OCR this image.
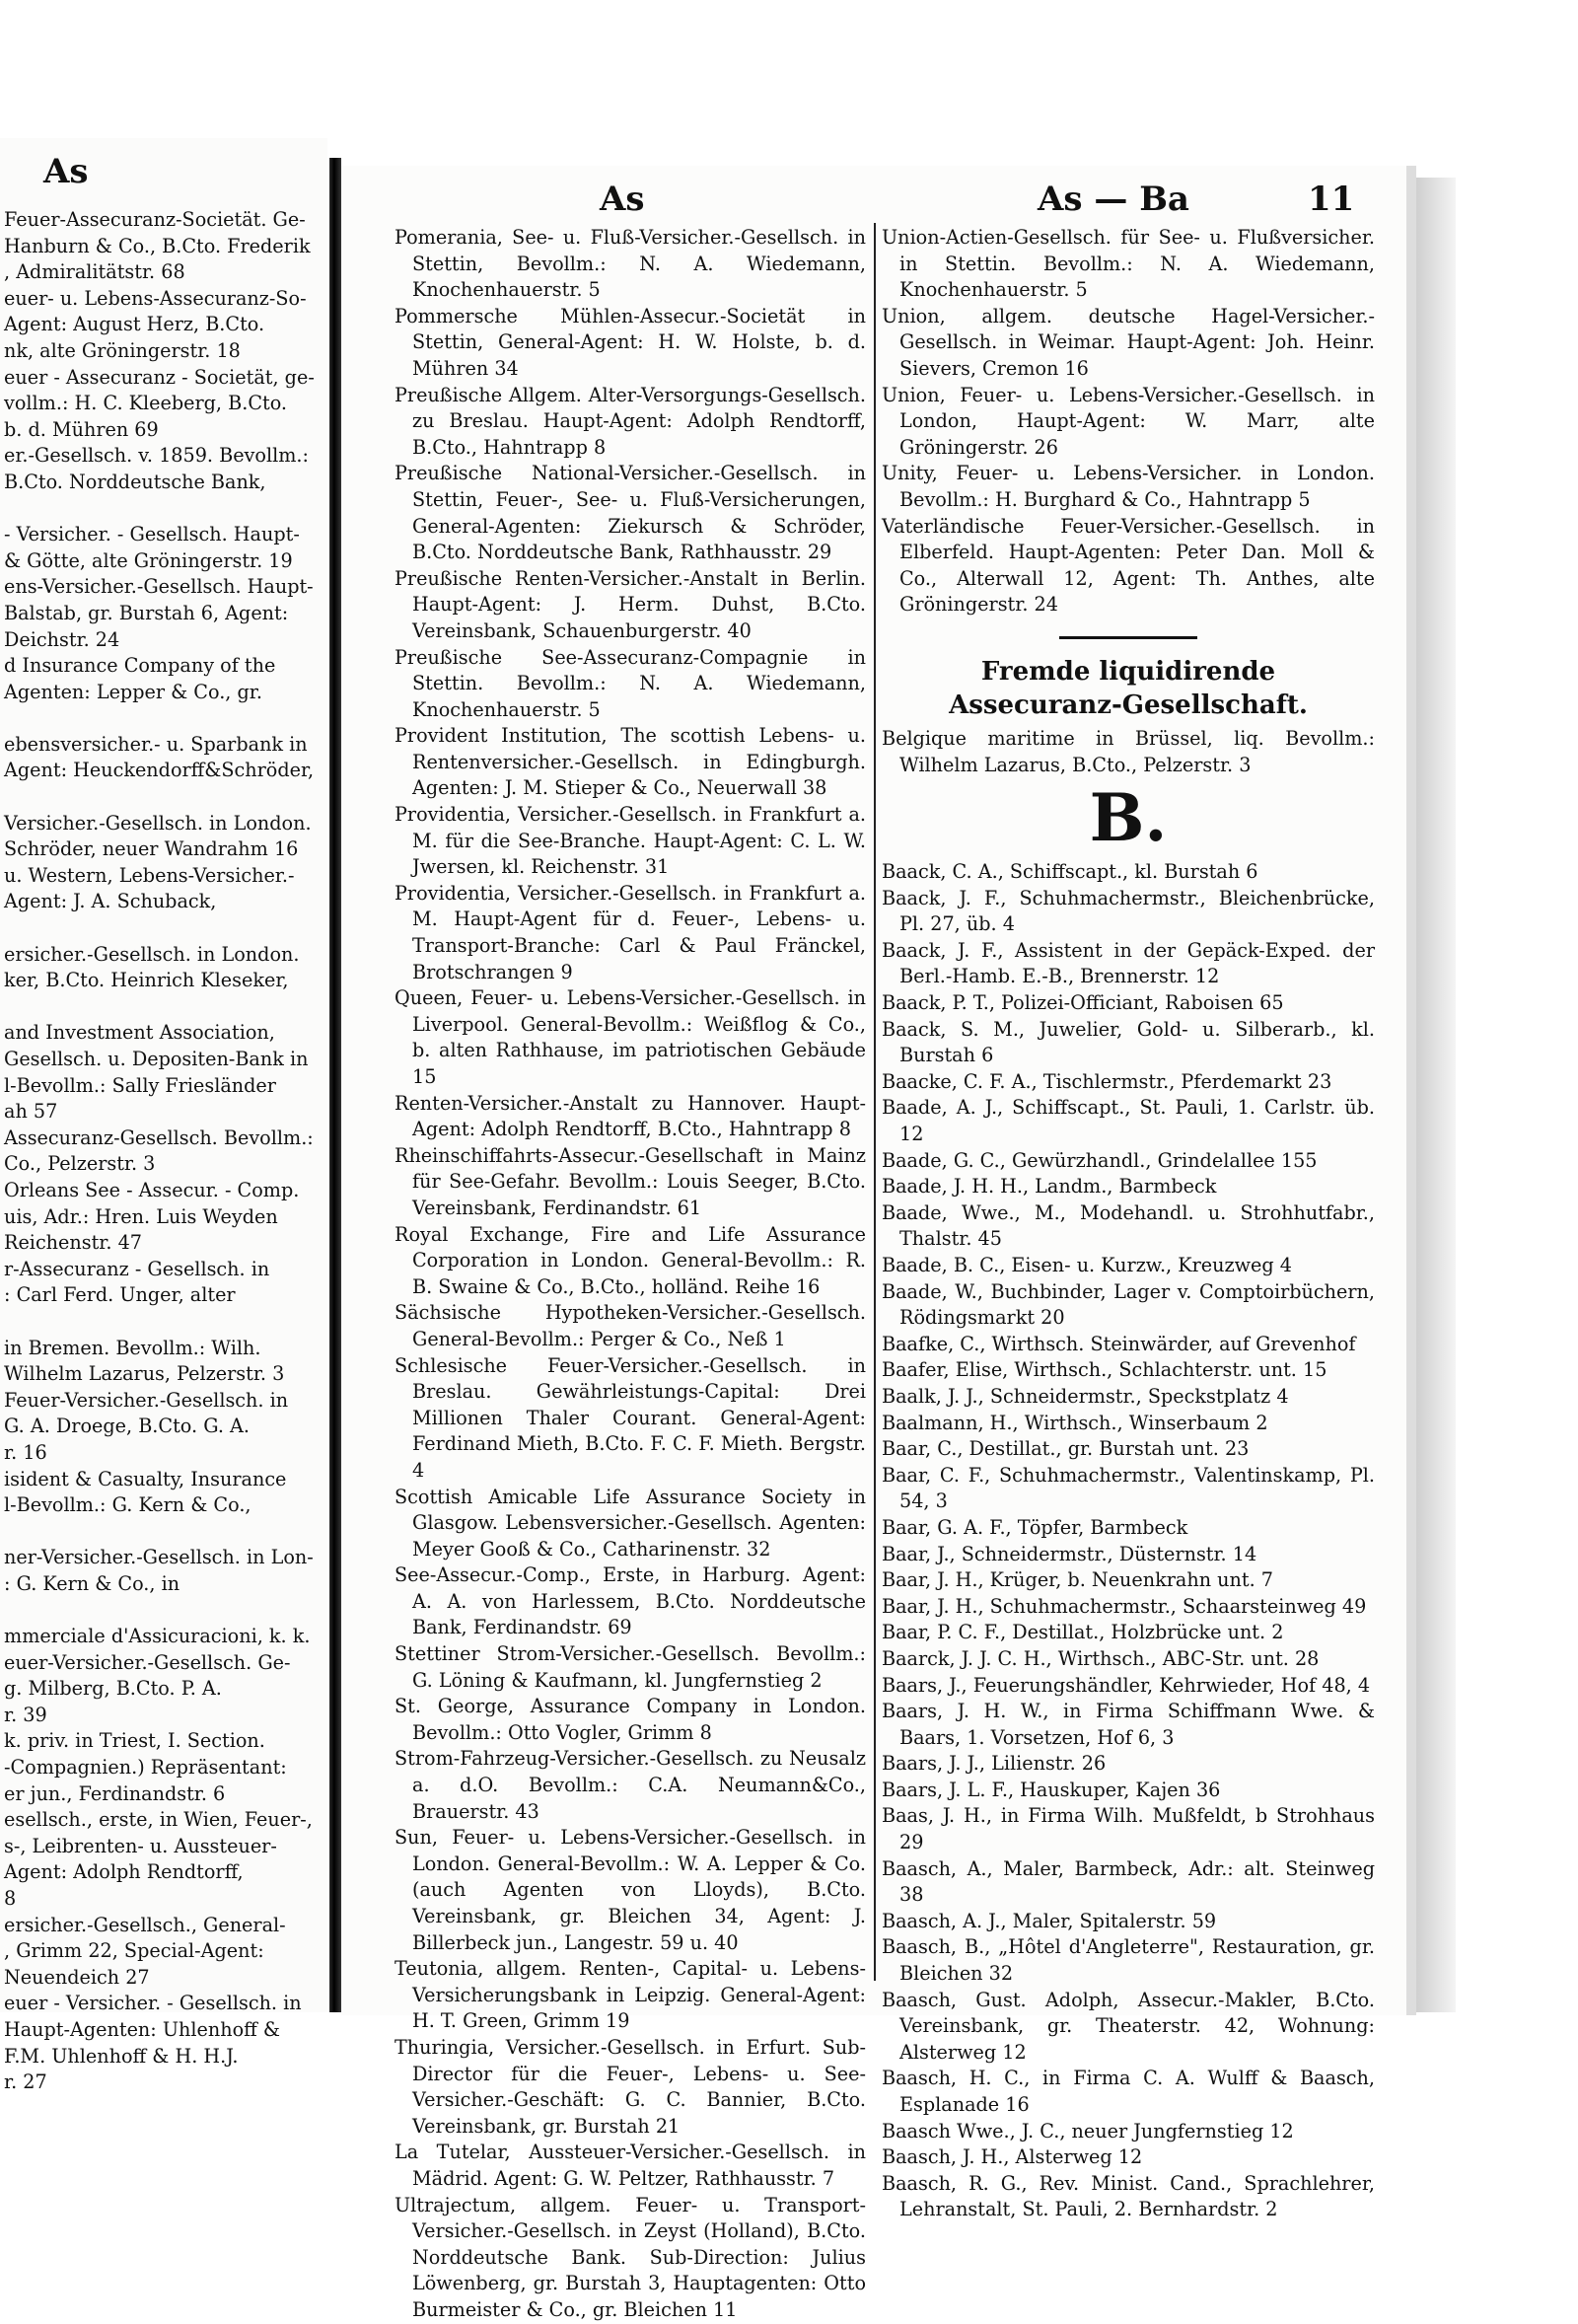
As

Feuer-Assecuranz-Societät. Ge-

Hanburn & Co., B.Cto. Frederik

, Admiralitätstr. 68

euer- u. Lebens-Assecuranz-So-

Agent: August Herz, B.Cto.

nk, alte Gröningerstr. 18

euer - Assecuranz - Societät, ge-

vollm.: H. C. Kleeberg, B.Cto.

b. d. Mühren 69

er.-Gesellsch. v. 1859. Bevollm.:

B.Cto. Norddeutsche Bank,

- Versicher. - Gesellsch. Haupt-

& Götte, alte Gröningerstr. 19

ens-Versicher.-Gesellsch. Haupt-

Balstab, gr. Burstah 6, Agent:

Deichstr. 24

d Insurance Company of the

Agenten: Lepper & Co., gr.

ebensversicher.- u. Sparbank in

Agent: Heuckendorff&Schröder,

Versicher.-Gesellsch. in London.

Schröder, neuer Wandrahm 16

u. Western, Lebens-Versicher.-

Agent: J. A. Schuback,

ersicher.-Gesellsch. in London.

ker, B.Cto. Heinrich Kleseker,

and Investment Association,

Gesellsch. u. Depositen-Bank in

l-Bevollm.: Sally Friesländer

ah 57

Assecuranz-Gesellsch. Bevollm.:

Co., Pelzerstr. 3

Orleans See - Assecur. - Comp.

uis, Adr.: Hren. Luis Weyden

Reichenstr. 47

r-Assecuranz - Gesellsch. in

: Carl Ferd. Unger, alter

in Bremen. Bevollm.: Wilh.

Wilhelm Lazarus, Pelzerstr. 3

Feuer-Versicher.-Gesellsch. in

G. A. Droege, B.Cto. G. A.

r. 16

isident & Casualty, Insurance

l-Bevollm.: G. Kern & Co.,

ner-Versicher.-Gesellsch. in Lon-

: G. Kern & Co., in

mmerciale d'Assicuracioni, k. k.

euer-Versicher.-Gesellsch. Ge-

g. Milberg, B.Cto. P. A.

r. 39

k. priv. in Triest, I. Section.

-Compagnien.) Repräsentant:

er jun., Ferdinandstr. 6

esellsch., erste, in Wien, Feuer-,

s-, Leibrenten- u. Aussteuer-

Agent: Adolph Rendtorff,

8

ersicher.-Gesellsch., General-

, Grimm 22, Special-Agent:

Neuendeich 27

euer - Versicher. - Gesellsch. in

Haupt-Agenten: Uhlenhoff &

F.M. Uhlenhoff & H. H.J.

r. 27

As	As — Ba	11

Pomerania, See- u. Fluß-Versicher.-Gesellsch. in Stettin, Bevollm.: N. A. Wiedemann, Knochenhauerstr. 5

Pommersche Mühlen-Assecur.-Societät in Stettin, General-Agent: H. W. Holste, b. d. Mühren 34

Preußische Allgem. Alter-Versorgungs-Gesellsch. zu Breslau. Haupt-Agent: Adolph Rendtorff, B.Cto., Hahntrapp 8

Preußische National-Versicher.-Gesellsch. in Stettin, Feuer-, See- u. Fluß-Versicherungen, General-Agenten: Ziekursch & Schröder, B.Cto. Norddeutsche Bank, Rathhausstr. 29

Preußische Renten-Versicher.-Anstalt in Berlin. Haupt-Agent: J. Herm. Duhst, B.Cto. Vereinsbank, Schauenburgerstr. 40

Preußische See-Assecuranz-Compagnie in Stettin. Bevollm.: N. A. Wiedemann, Knochenhauerstr. 5

Provident Institution, The scottish Lebens- u. Rentenversicher.-Gesellsch. in Edingburgh. Agenten: J. M. Stieper & Co., Neuerwall 38

Providentia, Versicher.-Gesellsch. in Frankfurt a. M. für die See-Branche. Haupt-Agent: C. L. W. Jwersen, kl. Reichenstr. 31

Providentia, Versicher.-Gesellsch. in Frankfurt a. M. Haupt-Agent für d. Feuer-, Lebens- u. Transport-Branche: Carl & Paul Fränckel, Brotschrangen 9

Queen, Feuer- u. Lebens-Versicher.-Gesellsch. in Liverpool. General-Bevollm.: Weißflog & Co., b. alten Rathhause, im patriotischen Gebäude 15

Renten-Versicher.-Anstalt zu Hannover. Haupt-Agent: Adolph Rendtorff, B.Cto., Hahntrapp 8

Rheinschiffahrts-Assecur.-Gesellschaft in Mainz für See-Gefahr. Bevollm.: Louis Seeger, B.Cto. Vereinsbank, Ferdinandstr. 61

Royal Exchange, Fire and Life Assurance Corporation in London. General-Bevollm.: R. B. Swaine & Co., B.Cto., holländ. Reihe 16

Sächsische Hypotheken-Versicher.-Gesellsch. General-Bevollm.: Perger & Co., Neß 1

Schlesische Feuer-Versicher.-Gesellsch. in Breslau. Gewährleistungs-Capital: Drei Millionen Thaler Courant. General-Agent: Ferdinand Mieth, B.Cto. F. C. F. Mieth. Bergstr. 4

Scottish Amicable Life Assurance Society in Glasgow. Lebensversicher.-Gesellsch. Agenten: Meyer Gooß & Co., Catharinenstr. 32

See-Assecur.-Comp., Erste, in Harburg. Agent: A. A. von Harlessem, B.Cto. Norddeutsche Bank, Ferdinandstr. 69

Stettiner Strom-Versicher.-Gesellsch. Bevollm.: G. Löning & Kaufmann, kl. Jungfernstieg 2

St. George, Assurance Company in London. Bevollm.: Otto Vogler, Grimm 8

Strom-Fahrzeug-Versicher.-Gesellsch. zu Neusalz a. d.O. Bevollm.: C.A. Neumann&Co., Brauerstr. 43

Sun, Feuer- u. Lebens-Versicher.-Gesellsch. in London. General-Bevollm.: W. A. Lepper & Co. (auch Agenten von Lloyds), B.Cto. Vereinsbank, gr. Bleichen 34, Agent: J. Billerbeck jun., Langestr. 59 u. 40

Teutonia, allgem. Renten-, Capital- u. Lebens-Versicherungsbank in Leipzig. General-Agent: H. T. Green, Grimm 19

Thuringia, Versicher.-Gesellsch. in Erfurt. Sub-Director für die Feuer-, Lebens- u. See-Versicher.-Geschäft: G. C. Bannier, B.Cto. Vereinsbank, gr. Burstah 21

La Tutelar, Aussteuer-Versicher.-Gesellsch. in Mädrid. Agent: G. W. Peltzer, Rathhausstr. 7

Ultrajectum, allgem. Feuer- u. Transport-Versicher.-Gesellsch. in Zeyst (Holland), B.Cto. Norddeutsche Bank. Sub-Direction: Julius Löwenberg, gr. Burstah 3, Hauptagenten: Otto Burmeister & Co., gr. Bleichen 11

Union-Actien-Gesellsch. für See- u. Flußversicher. in Stettin. Bevollm.: N. A. Wiedemann, Knochenhauerstr. 5

Union, allgem. deutsche Hagel-Versicher.-Gesellsch. in Weimar. Haupt-Agent: Joh. Heinr. Sievers, Cremon 16

Union, Feuer- u. Lebens-Versicher.-Gesellsch. in London, Haupt-Agent: W. Marr, alte Gröningerstr. 26

Unity, Feuer- u. Lebens-Versicher. in London. Bevollm.: H. Burghard & Co., Hahntrapp 5

Vaterländische Feuer-Versicher.-Gesellsch. in Elberfeld. Haupt-Agenten: Peter Dan. Moll & Co., Alterwall 12, Agent: Th. Anthes, alte Gröningerstr. 24

Fremde liquidirende
Assecuranz-Gesellschaft.

Belgique maritime in Brüssel, liq. Bevollm.: Wilhelm Lazarus, B.Cto., Pelzerstr. 3

B.

Baack, C. A., Schiffscapt., kl. Burstah 6

Baack, J. F., Schuhmachermstr., Bleichenbrücke, Pl. 27, üb. 4

Baack, J. F., Assistent in der Gepäck-Exped. der Berl.-Hamb. E.-B., Brennerstr. 12

Baack, P. T., Polizei-Officiant, Raboisen 65

Baack, S. M., Juwelier, Gold- u. Silberarb., kl. Burstah 6

Baacke, C. F. A., Tischlermstr., Pferdemarkt 23

Baade, A. J., Schiffscapt., St. Pauli, 1. Carlstr. üb. 12

Baade, G. C., Gewürzhandl., Grindelallee 155

Baade, J. H. H., Landm., Barmbeck

Baade, Wwe., M., Modehandl. u. Strohhutfabr., Thalstr. 45

Baade, B. C., Eisen- u. Kurzw., Kreuzweg 4

Baade, W., Buchbinder, Lager v. Comptoirbüchern, Rödingsmarkt 20

Baafke, C., Wirthsch. Steinwärder, auf Grevenhof

Baafer, Elise, Wirthsch., Schlachterstr. unt. 15

Baalk, J. J., Schneidermstr., Speckstplatz 4

Baalmann, H., Wirthsch., Winserbaum 2

Baar, C., Destillat., gr. Burstah unt. 23

Baar, C. F., Schuhmachermstr., Valentinskamp, Pl. 54, 3

Baar, G. A. F., Töpfer, Barmbeck

Baar, J., Schneidermstr., Düsternstr. 14

Baar, J. H., Krüger, b. Neuenkrahn unt. 7

Baar, J. H., Schuhmachermstr., Schaarsteinweg 49

Baar, P. C. F., Destillat., Holzbrücke unt. 2

Baarck, J. J. C. H., Wirthsch., ABC-Str. unt. 28

Baars, J., Feuerungshändler, Kehrwieder, Hof 48, 4

Baars, J. H. W., in Firma Schiffmann Wwe. & Baars, 1. Vorsetzen, Hof 6, 3

Baars, J. J., Lilienstr. 26

Baars, J. L. F., Hauskuper, Kajen 36

Baas, J. H., in Firma Wilh. Mußfeldt, b Strohhaus 29

Baasch, A., Maler, Barmbeck, Adr.: alt. Steinweg 38

Baasch, A. J., Maler, Spitalerstr. 59

Baasch, B., „Hôtel d'Angleterre", Restauration, gr. Bleichen 32

Baasch, Gust. Adolph, Assecur.-Makler, B.Cto. Vereinsbank, gr. Theaterstr. 42, Wohnung: Alsterweg 12

Baasch, H. C., in Firma C. A. Wulff & Baasch, Esplanade 16

Baasch Wwe., J. C., neuer Jungfernstieg 12

Baasch, J. H., Alsterweg 12

Baasch, R. G., Rev. Minist. Cand., Sprachlehrer, Lehranstalt, St. Pauli, 2. Bernhardstr. 2
